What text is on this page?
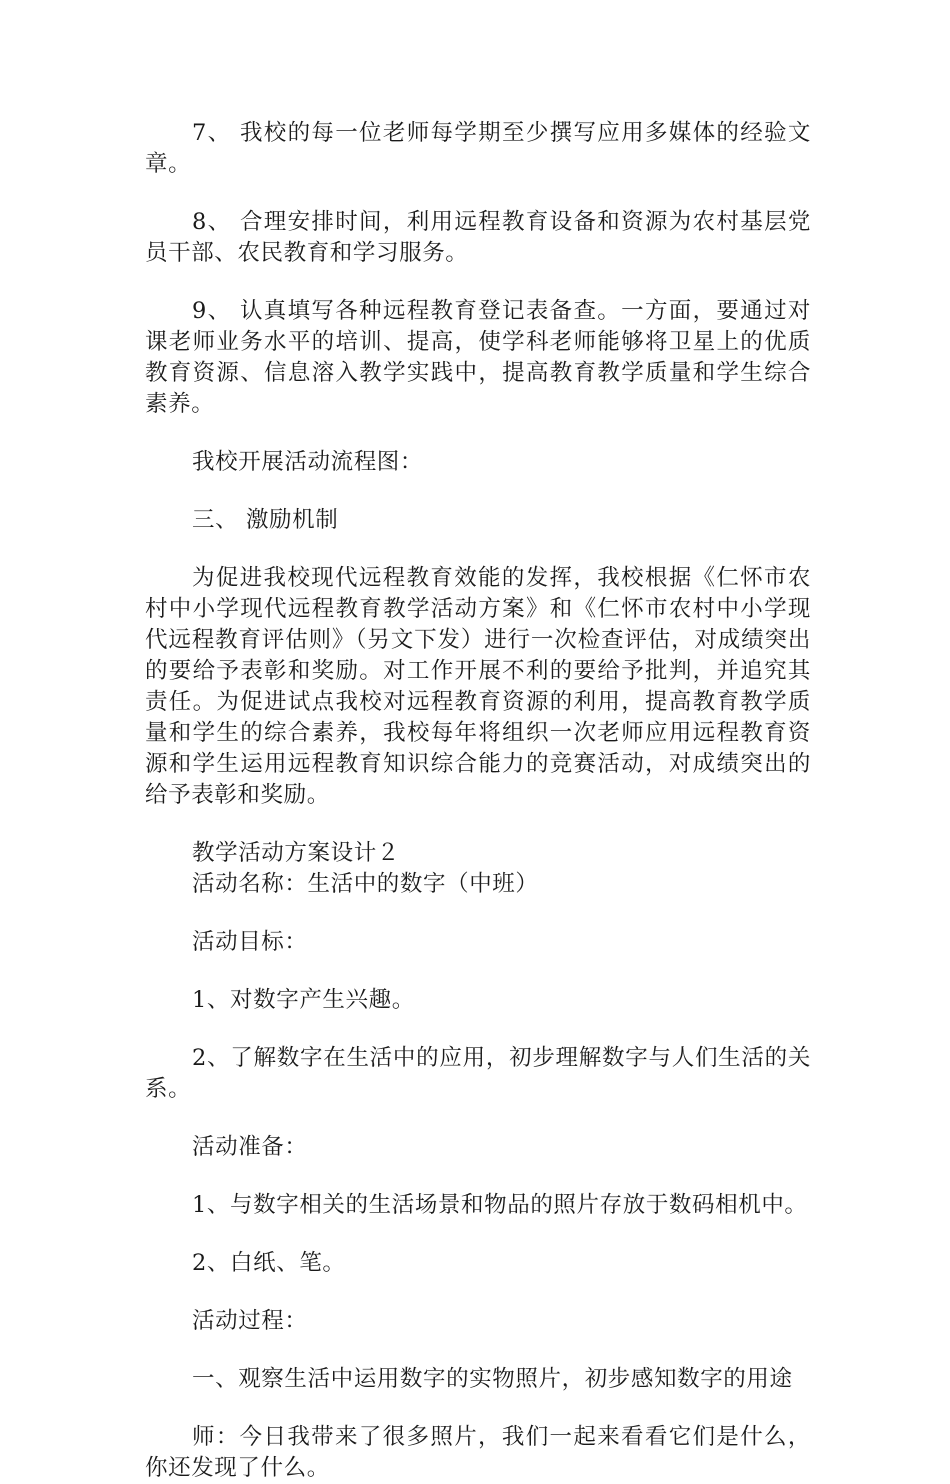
7、 我校的每一位老师每学期至少撰写应用多媒体的经验文章。

8、 合理安排时间，利用远程教育设备和资源为农村基层党员干部、农民教育和学习服务。

9、 认真填写各种远程教育登记表备查。一方面，要通过对课老师业务水平的培训、提高，使学科老师能够将卫星上的优质教育资源、信息溶入教学实践中，提高教育教学质量和学生综合素养。

我校开展活动流程图：

三、 激励机制

为促进我校现代远程教育效能的发挥，我校根据《仁怀市农村中小学现代远程教育教学活动方案》和《仁怀市农村中小学现代远程教育评估则》（另文下发）进行一次检查评估，对成绩突出的要给予表彰和奖励。对工作开展不利的要给予批判，并追究其责任。为促进试点我校对远程教育资源的利用，提高教育教学质量和学生的综合素养，我校每年将组织一次老师应用远程教育资源和学生运用远程教育知识综合能力的竞赛活动，对成绩突出的给予表彰和奖励。

教学活动方案设计２

活动名称：生活中的数字（中班）

活动目标：

1、对数字产生兴趣。

2、了解数字在生活中的应用，初步理解数字与人们生活的关系。

活动准备：

1、与数字相关的生活场景和物品的照片存放于数码相机中。

2、白纸、笔。

活动过程：

一、观察生活中运用数字的实物照片，初步感知数字的用途

师：今日我带来了很多照片，我们一起来看看它们是什么，你还发现了什么。
